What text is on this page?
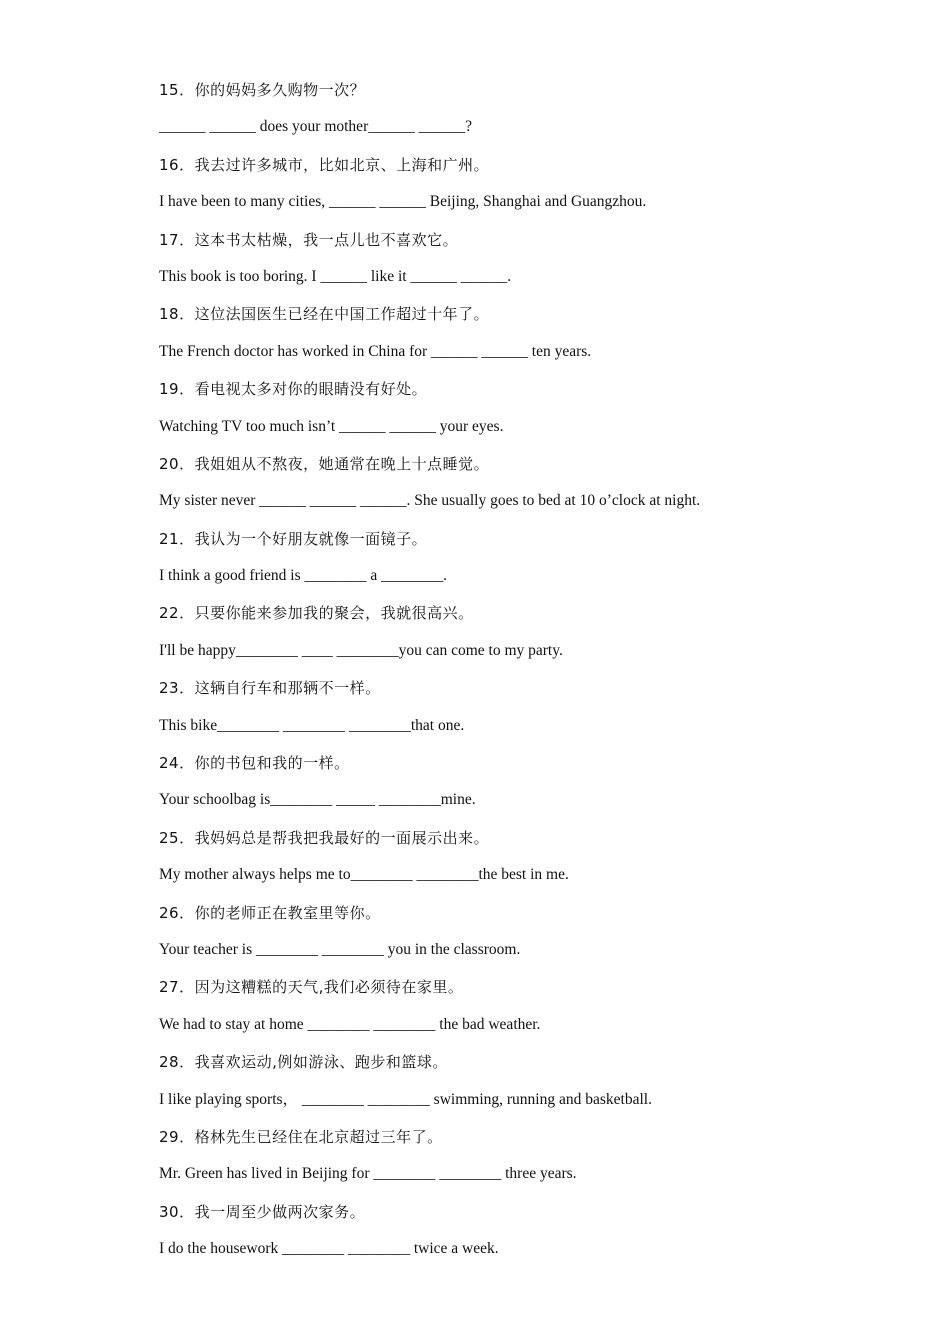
15．你的妈妈多久购物一次？
______ ______ does your mother______ ______?
16．我去过许多城市，比如北京、上海和广州。
I have been to many cities, ______ ______ Beijing, Shanghai and Guangzhou.
17．这本书太枯燥，我一点儿也不喜欢它。
This book is too boring. I ______ like it ______ ______.
18．这位法国医生已经在中国工作超过十年了。
The French doctor has worked in China for ______ ______ ten years.
19．看电视太多对你的眼睛没有好处。
Watching TV too much isn’t ______ ______ your eyes.
20．我姐姐从不熬夜，她通常在晚上十点睡觉。
My sister never ______ ______ ______. She usually goes to bed at 10 o’clock at night.
21．我认为一个好朋友就像一面镜子。
I think a good friend is ________ a ________.
22．只要你能来参加我的聚会，我就很高兴。
I'll be happy________ ____ ________you can come to my party.
23．这辆自行车和那辆不一样。
This bike________ ________ ________that one.
24．你的书包和我的一样。
Your schoolbag is________ _____ ________mine.
25．我妈妈总是帮我把我最好的一面展示出来。
My mother always helps me to________ ________the best in me.
26．你的老师正在教室里等你。
Your teacher is ________ ________ you in the classroom.
27．因为这糟糕的天气,我们必须待在家里。
We had to stay at home ________ ________ the bad weather.
28．我喜欢运动,例如游泳、跑步和篮球。
I like playing sports， ________ ________ swimming, running and basketball.
29．格林先生已经住在北京超过三年了。
Mr. Green has lived in Beijing for ________ ________ three years.
30．我一周至少做两次家务。
I do the housework ________ ________ twice a week.
